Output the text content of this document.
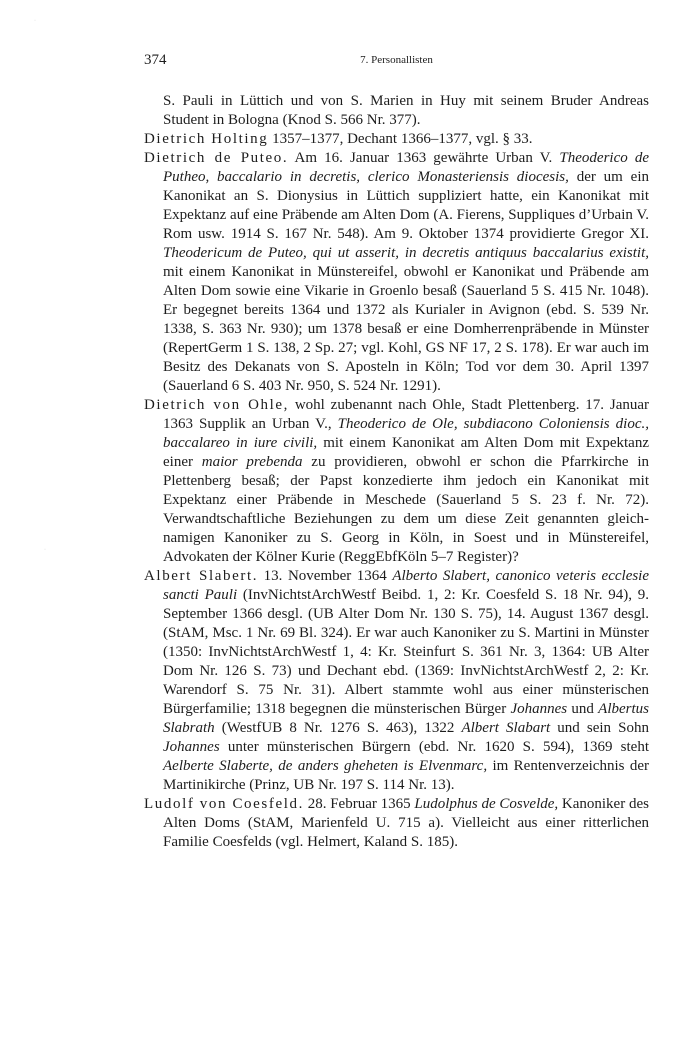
·
·
374	7. Personallisten

S. Pauli in Lüttich und von S. Marien in Huy mit seinem Bruder Andreas Student in Bologna (Knod S. 566 Nr. 377).

Dietrich Holting 1357–1377, Dechant 1366–1377, vgl. § 33.

Dietrich de Puteo. Am 16. Januar 1363 gewährte Urban V. Theoderico de Putheo, baccalario in decretis, clerico Monasteriensis diocesis, der um ein Kanonikat an S. Dionysius in Lüttich suppliziert hatte, ein Kanonikat mit Expektanz auf eine Präbende am Alten Dom (A. Fierens, Suppliques d’Urbain V. Rom usw. 1914 S. 167 Nr. 548). Am 9. Oktober 1374 providierte Gregor XI. Theodericum de Puteo, qui ut asserit, in decretis antiquus baccalarius existit, mit einem Kanonikat in Münstereifel, obwohl er Kanonikat und Präbende am Alten Dom sowie eine Vikarie in Groenlo besaß (Sauerland 5 S. 415 Nr. 1048). Er begegnet bereits 1364 und 1372 als Kurialer in Avignon (ebd. S. 539 Nr. 1338, S. 363 Nr. 930); um 1378 besaß er eine Domherrenpräbende in Münster (RepertGerm 1 S. 138, 2 Sp. 27; vgl. Kohl, GS NF 17, 2 S. 178). Er war auch im Besitz des Dekanats von S. Aposteln in Köln; Tod vor dem 30. April 1397 (Sauerland 6 S. 403 Nr. 950, S. 524 Nr. 1291).

Dietrich von Ohle, wohl zubenannt nach Ohle, Stadt Plettenberg. 17. Januar 1363 Supplik an Urban V., Theoderico de Ole, subdiacono Coloniensis dioc., baccalareo in iure civili, mit einem Kanonikat am Alten Dom mit Expektanz einer maior prebenda zu providieren, obwohl er schon die Pfarrkirche in Plettenberg besaß; der Papst konzedierte ihm jedoch ein Kanonikat mit Expektanz einer Präbende in Meschede (Sauerland 5 S. 23 f. Nr. 72). Verwandtschaftliche Beziehungen zu dem um diese Zeit genannten gleichnamigen Kanoniker zu S. Georg in Köln, in Soest und in Münstereifel, Advokaten der Kölner Kurie (ReggEbfKöln 5–7 Register)?

Albert Slabert. 13. November 1364 Alberto Slabert, canonico veteris ecclesie sancti Pauli (InvNichtstArchWestf Beibd. 1, 2: Kr. Coesfeld S. 18 Nr. 94), 9. September 1366 desgl. (UB Alter Dom Nr. 130 S. 75), 14. August 1367 desgl. (StAM, Msc. 1 Nr. 69 Bl. 324). Er war auch Kanoniker zu S. Martini in Münster (1350: InvNichtstArchWestf 1, 4: Kr. Steinfurt S. 361 Nr. 3, 1364: UB Alter Dom Nr. 126 S. 73) und Dechant ebd. (1369: InvNichtstArchWestf 2, 2: Kr. Warendorf S. 75 Nr. 31). Albert stammte wohl aus einer münsterischen Bürgerfamilie; 1318 begegnen die münsterischen Bürger Johannes und Albertus Slabrath (WestfUB 8 Nr. 1276 S. 463), 1322 Albert Slabart und sein Sohn Johannes unter münsterischen Bürgern (ebd. Nr. 1620 S. 594), 1369 steht Aelberte Slaberte, de anders gheheten is Elvenmarc, im Rentenverzeichnis der Martinikirche (Prinz, UB Nr. 197 S. 114 Nr. 13).

Ludolf von Coesfeld. 28. Februar 1365 Ludolphus de Cosvelde, Kanoniker des Alten Doms (StAM, Marienfeld U. 715 a). Vielleicht aus einer ritterlichen Familie Coesfelds (vgl. Helmert, Kaland S. 185).
